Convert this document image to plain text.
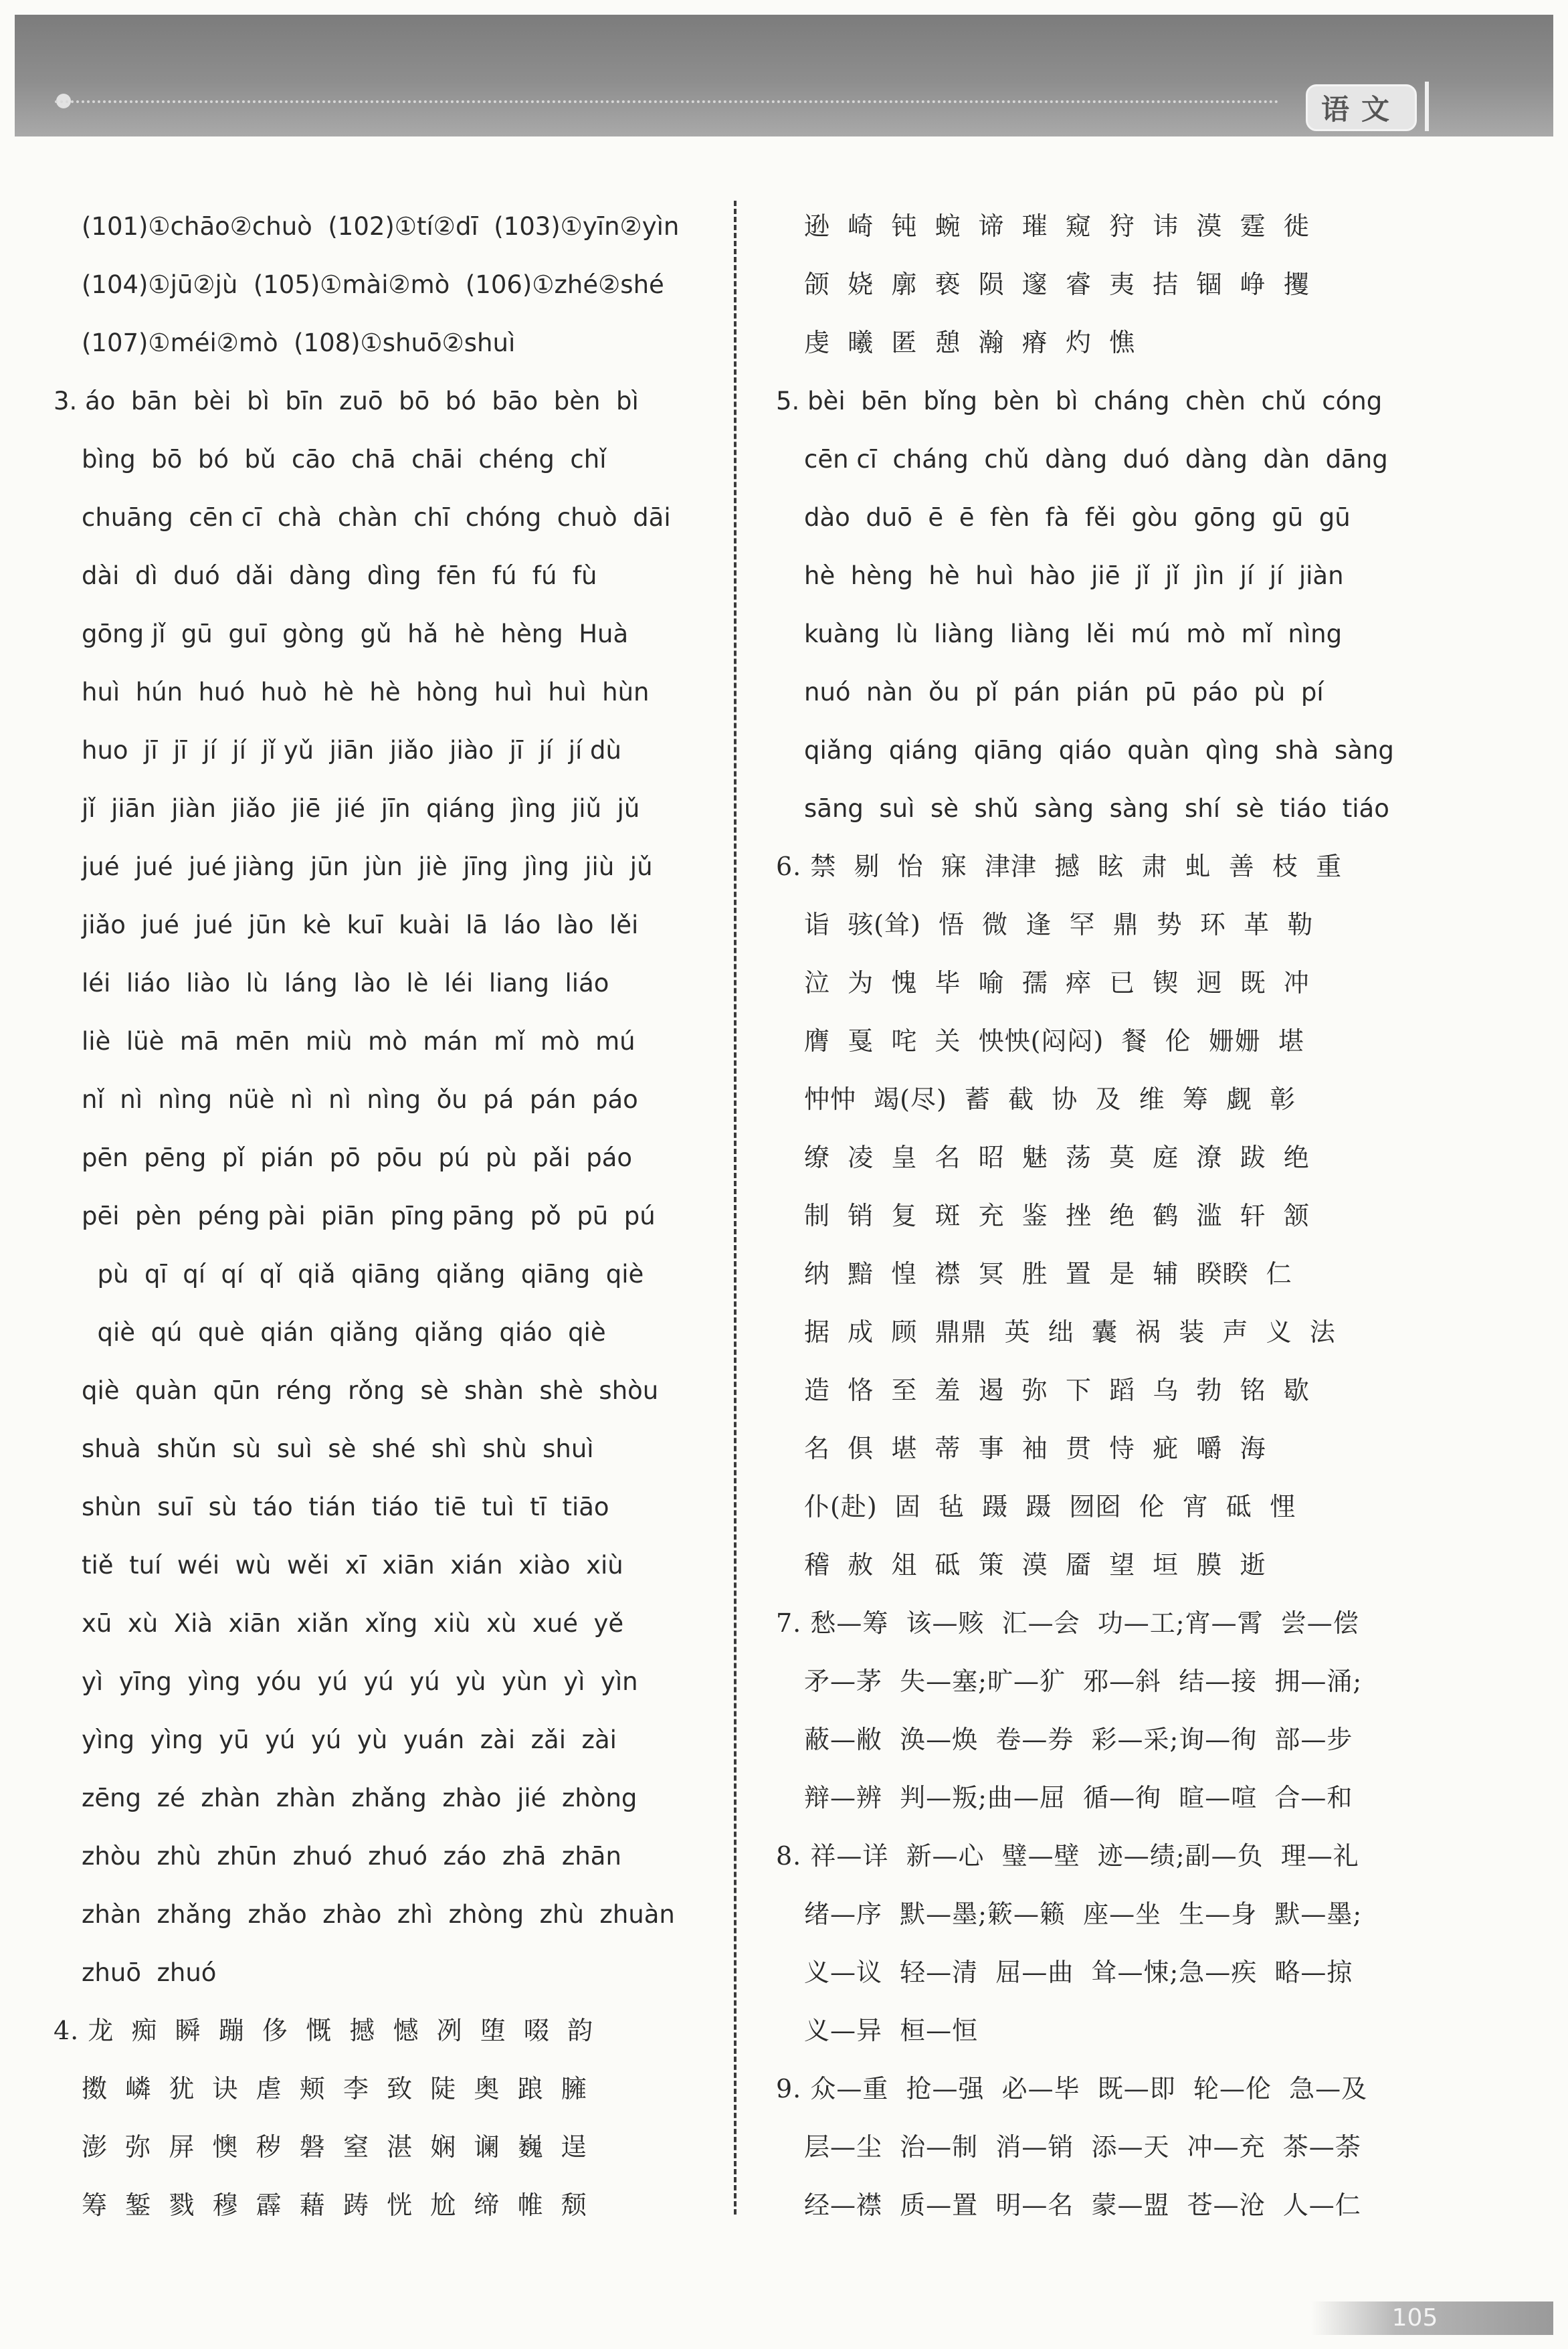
语文
(101)①chāo②chuò  (102)①tí②dī  (103)①yīn②yìn
(104)①jū②jù  (105)①mài②mò  (106)①zhé②shé
(107)①méi②mò  (108)①shuō②shuì
3. áo  bān  bèi  bì  bīn  zuō  bō  bó  bāo  bèn  bì
bìng  bō  bó  bǔ  cāo  chā  chāi  chéng  chǐ
chuāng  cēn cī  chà  chàn  chī  chóng  chuò  dāi
dài  dì  duó  dǎi  dàng  dìng  fēn  fú  fú  fù
gōng jǐ  gū  guī  gòng  gǔ  hǎ  hè  hèng  Huà
huì  hún  huó  huò  hè  hè  hòng  huì  huì  hùn
huo  jī  jī  jí  jí  jǐ yǔ  jiān  jiǎo  jiào  jī  jí  jí dù
jǐ  jiān  jiàn  jiǎo  jiē  jié  jīn  qiáng  jìng  jiǔ  jǔ
jué  jué  jué jiàng  jūn  jùn  jiè  jīng  jìng  jiù  jǔ
jiǎo  jué  jué  jūn  kè  kuī  kuài  lā  láo  lào  lěi
léi  liáo  liào  lù  láng  lào  lè  léi  liang  liáo
liè  lüè  mā  mēn  miù  mò  mán  mǐ  mò  mú
nǐ  nì  nìng  nüè  nì  nì  nìng  ǒu  pá  pán  páo
pēn  pēng  pǐ  pián  pō  pōu  pú  pù  pǎi  páo
pēi  pèn  péng pài  piān  pīng pāng  pǒ  pū  pú
pù  qī  qí  qí  qǐ  qiǎ  qiāng  qiǎng  qiāng  qiè
qiè  qú  què  qián  qiǎng  qiǎng  qiáo  qiè
qiè  quàn  qūn  réng  rǒng  sè  shàn  shè  shòu
shuà  shǔn  sù  suì  sè  shé  shì  shù  shuì
shùn  suī  sù  táo  tián  tiáo  tiē  tuì  tī  tiāo
tiě  tuí  wéi  wù  wěi  xī  xiān  xián  xiào  xiù
xū  xù  Xià  xiān  xiǎn  xǐng  xiù  xù  xué  yě
yì  yīng  yìng  yóu  yú  yú  yú  yù  yùn  yì  yìn
yìng  yìng  yū  yú  yú  yù  yuán  zài  zǎi  zài
zēng  zé  zhàn  zhàn  zhǎng  zhào  jié  zhòng
zhòu  zhù  zhūn  zhuó  zhuó  záo  zhā  zhān
zhàn  zhǎng  zhǎo  zhào  zhì  zhòng  zhù  zhuàn
zhuō  zhuó
4. 龙  痴  瞬  蹦  侈  慨  撼  憾  冽  堕  啜  韵
擞  嶙  犹  诀  虐  颊  李  致  陡  奥  踉  臃
澎  弥  屏  懊  秽  磐  窒  湛  娴  谰  巍  逞
筹  錾  戮  穆  霹  藉  踌  恍  尬  缔  帷  颓
逊  崎  钝  蜿  谛  璀  窥  狩  讳  漠  霆  徙
颌  娆  廓  亵  陨  邃  睿  夷  拮  锢  峥  攫
虔  曦  匿  憩  瀚  瘠  灼  憔
5. bèi  bēn  bǐng  bèn  bì  cháng  chèn  chǔ  cóng
cēn cī  cháng  chǔ  dàng  duó  dàng  dàn  dāng
dào  duō  ē  ē  fèn  fà  fěi  gòu  gōng  gū  gū
hè  hèng  hè  huì  hào  jiē  jǐ  jǐ  jìn  jí  jí  jiàn
kuàng  lù  liàng  liàng  lěi  mú  mò  mǐ  nìng
nuó  nàn  ǒu  pǐ  pán  pián  pū  páo  pù  pí
qiǎng  qiáng  qiāng  qiáo  quàn  qìng  shà  sàng
sāng  suì  sè  shǔ  sàng  sàng  shí  sè  tiáo  tiáo
6. 禁  剔  怡  寐  津津  撼  眩  肃  虬  善  枝  重
诣  骇(耸)  悟  微  逢  罕  鼎  势  环  革  勒
泣  为  愧  毕  喻  孺  瘁  已  锲  迥  既  冲
膺  戛  咤  关  怏怏(闷闷)  餐  伦  姗姗  堪
忡忡  竭(尽)  蓄  截  协  及  维  筹  觑  彰
缭  凌  皇  名  昭  魅  荡  莫  庭  潦  跋  绝
制  销  复  斑  充  鉴  挫  绝  鹤  滥  轩  颔
纳  黯  惶  襟  冥  胜  置  是  辅  睽睽  仁
据  成  顾  鼎鼎  英  绌  囊  祸  装  声  义  法
造  恪  至  羞  遏  弥  下  蹈  乌  勃  铭  歇
名  俱  堪  蒂  事  袖  贯  恃  疵  嚼  海
仆(赴)  固  毡  蹑  蹑  囫囵  伦  宵  砥  悝
稽  赦  俎  砥  策  漠  靥  望  垣  膜  逝
7. 愁—筹  该—赅  汇—会  功—工;宵—霄  尝—偿
矛—茅  失—塞;旷—犷  邪—斜  结—接  拥—涌;
蔽—敝  涣—焕  卷—券  彩—采;询—徇  部—步
辩—辨  判—叛;曲—屈  循—徇  暄—喧  合—和
8. 祥—详  新—心  璧—壁  迹—绩;副—负  理—礼
绪—序  默—墨;簌—籁  座—坐  生—身  默—墨;
义—议  轻—清  屈—曲  耸—悚;急—疾  略—掠
义—异  桓—恒
9. 众—重  抢—强  必—毕  既—即  轮—伦  急—及
层—尘  治—制  消—销  添—天  冲—充  茶—荼
经—襟  质—置  明—名  蒙—盟  苍—沧  人—仁
105
